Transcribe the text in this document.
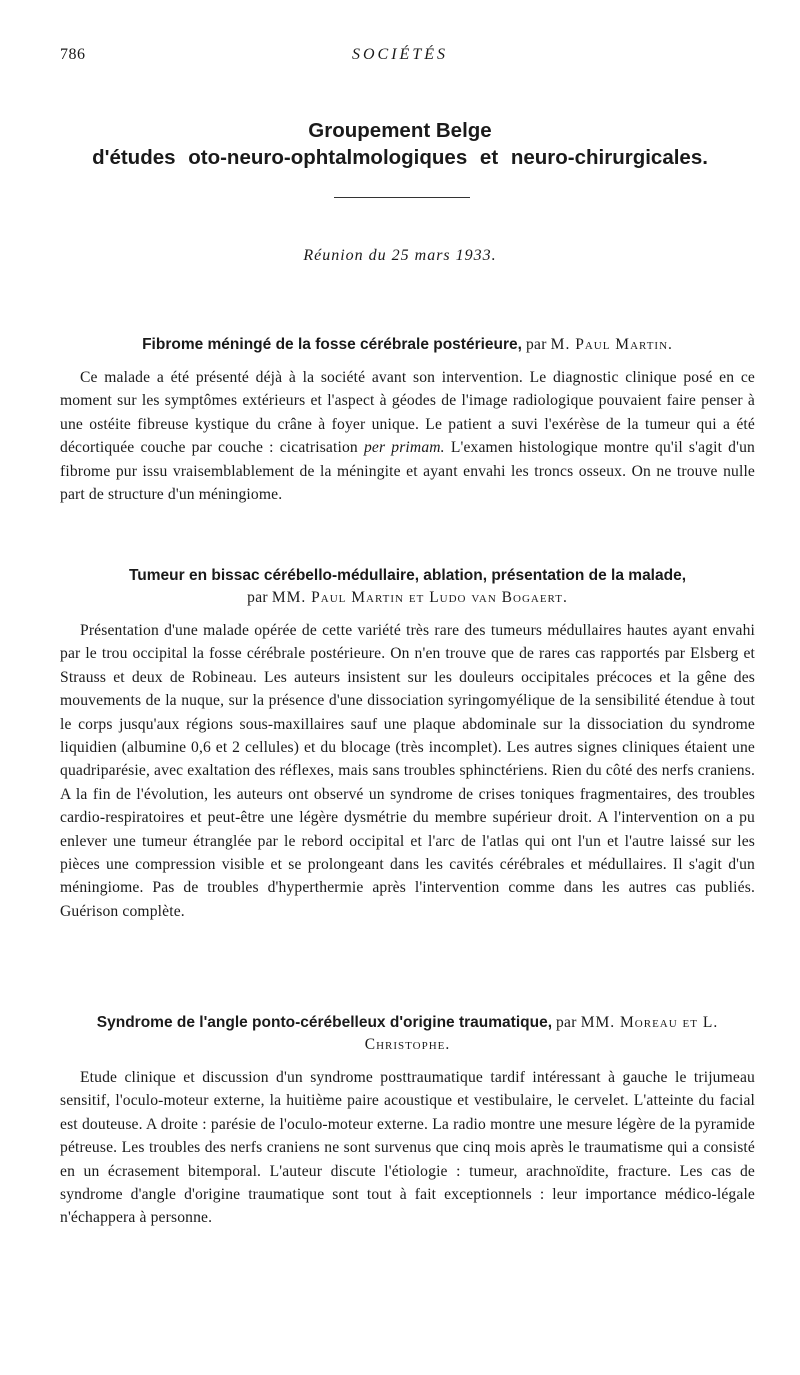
786	SOCIÉTÉS
Groupement Belge
d'études oto-neuro-ophtalmologiques et neuro-chirurgicales.
Réunion du 25 mars 1933.

Fibrome méningé de la fosse cérébrale postérieure, par M. Paul Martin.

Ce malade a été présenté déjà à la société avant son intervention. Le diagnostic clinique posé en ce moment sur les symptômes extérieurs et l'aspect à géodes de l'image radiologique pouvaient faire penser à une ostéite fibreuse kystique du crâne à foyer unique. Le patient a suvi l'exérèse de la tumeur qui a été décortiquée couche par couche : cicatrisation per primam. L'examen histologique montre qu'il s'agit d'un fibrome pur issu vraisemblablement de la méningite et ayant envahi les troncs osseux. On ne trouve nulle part de structure d'un méningiome.

Tumeur en bissac cérébello-médullaire, ablation, présentation de la malade,
par MM. Paul Martin et Ludo van Bogaert.

Présentation d'une malade opérée de cette variété très rare des tumeurs médullaires hautes ayant envahi par le trou occipital la fosse cérébrale postérieure. On n'en trouve que de rares cas rapportés par Elsberg et Strauss et deux de Robineau. Les auteurs insistent sur les douleurs occipitales précoces et la gêne des mouvements de la nuque, sur la présence d'une dissociation syringomyélique de la sensibilité étendue à tout le corps jusqu'aux régions sous-maxillaires sauf une plaque abdominale sur la dissociation du syndrome liquidien (albumine 0,6 et 2 cellules) et du blocage (très incomplet). Les autres signes cliniques étaient une quadriparésie, avec exaltation des réflexes, mais sans troubles sphinctériens. Rien du côté des nerfs craniens. A la fin de l'évolution, les auteurs ont observé un syndrome de crises toniques fragmentaires, des troubles cardio-respiratoires et peut-être une légère dysmétrie du membre supérieur droit. A l'intervention on a pu enlever une tumeur étranglée par le rebord occipital et l'arc de l'atlas qui ont l'un et l'autre laissé sur les pièces une compression visible et se prolongeant dans les cavités cérébrales et médullaires. Il s'agit d'un méningiome. Pas de troubles d'hyperthermie après l'intervention comme dans les autres cas publiés. Guérison complète.

Syndrome de l'angle ponto-cérébelleux d'origine traumatique, par MM. Moreau et L. Christophe.

Etude clinique et discussion d'un syndrome posttraumatique tardif intéressant à gauche le trijumeau sensitif, l'oculo-moteur externe, la huitième paire acoustique et vestibulaire, le cervelet. L'atteinte du facial est douteuse. A droite : parésie de l'oculo-moteur externe. La radio montre une mesure légère de la pyramide pétreuse. Les troubles des nerfs craniens ne sont survenus que cinq mois après le traumatisme qui a consisté en un écrasement bitemporal. L'auteur discute l'étiologie : tumeur, arachnoïdite, fracture. Les cas de syndrome d'angle d'origine traumatique sont tout à fait exceptionnels : leur importance médico-légale n'échappera à personne.
